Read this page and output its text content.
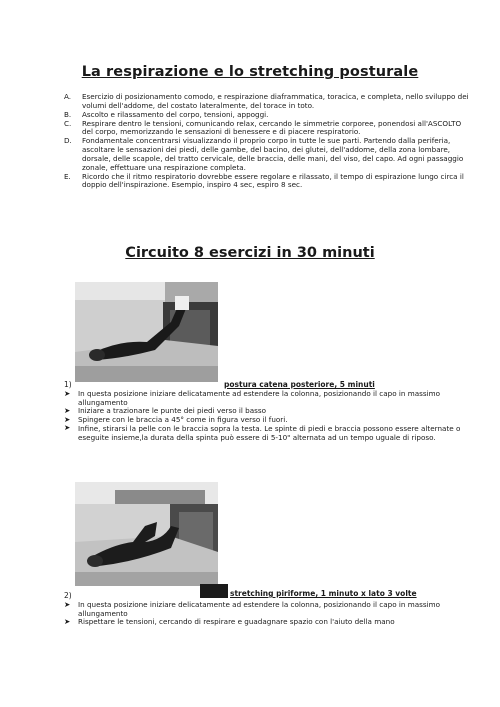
La respirazione e lo stretching posturale
A. Esercizio di posizionamento comodo, e respirazione diaframmatica, toracica, e completa, nello sviluppo dei volumi dell'addome, del costato lateralmente, del torace in toto.
B. Ascolto e rilassamento del corpo, tensioni, appoggi.
C. Respirare dentro le tensioni, comunicando relax, cercando le simmetrie corporee, ponendosi all'ASCOLTO del corpo, memorizzando le sensazioni di benessere e di piacere respiratorio.
D. Fondamentale concentrarsi visualizzando il proprio corpo in tutte le sue parti. Partendo dalla periferia, ascoltare le sensazioni dei piedi, delle gambe, del bacino, dei glutei, dell'addome, della zona lombare, dorsale, delle scapole, del tratto cervicale, delle braccia, delle mani, del viso, del capo. Ad ogni passaggio zonale, effettuare una respirazione completa.
E. Ricordo che il ritmo respiratorio dovrebbe essere regolare e rilassato, il tempo di espirazione lungo circa il doppio dell'inspirazione. Esempio, inspiro 4 sec, espiro 8 sec.
Circuito 8 esercizi in 30 minuti
1)	postura catena posteriore, 5 minuti
➤ In questa posizione iniziare delicatamente ad estendere la colonna, posizionando il capo in massimo allungamento
➤ Iniziare a trazionare le punte dei piedi verso il basso
➤ Spingere con le braccia a 45° come in figura verso il fuori.
➤ Infine, stirarsi la pelle con le braccia sopra la testa. Le spinte di piedi e braccia possono essere alternate o eseguite insieme,la durata della spinta può essere di 5-10" alternata ad un tempo uguale di riposo.
2)	stretching piriforme, 1 minuto x lato 3 volte
➤ In questa posizione iniziare delicatamente ad estendere la colonna, posizionando il capo in massimo allungamento
➤ Rispettare le tensioni, cercando di respirare e guadagnare spazio con l'aiuto della mano
